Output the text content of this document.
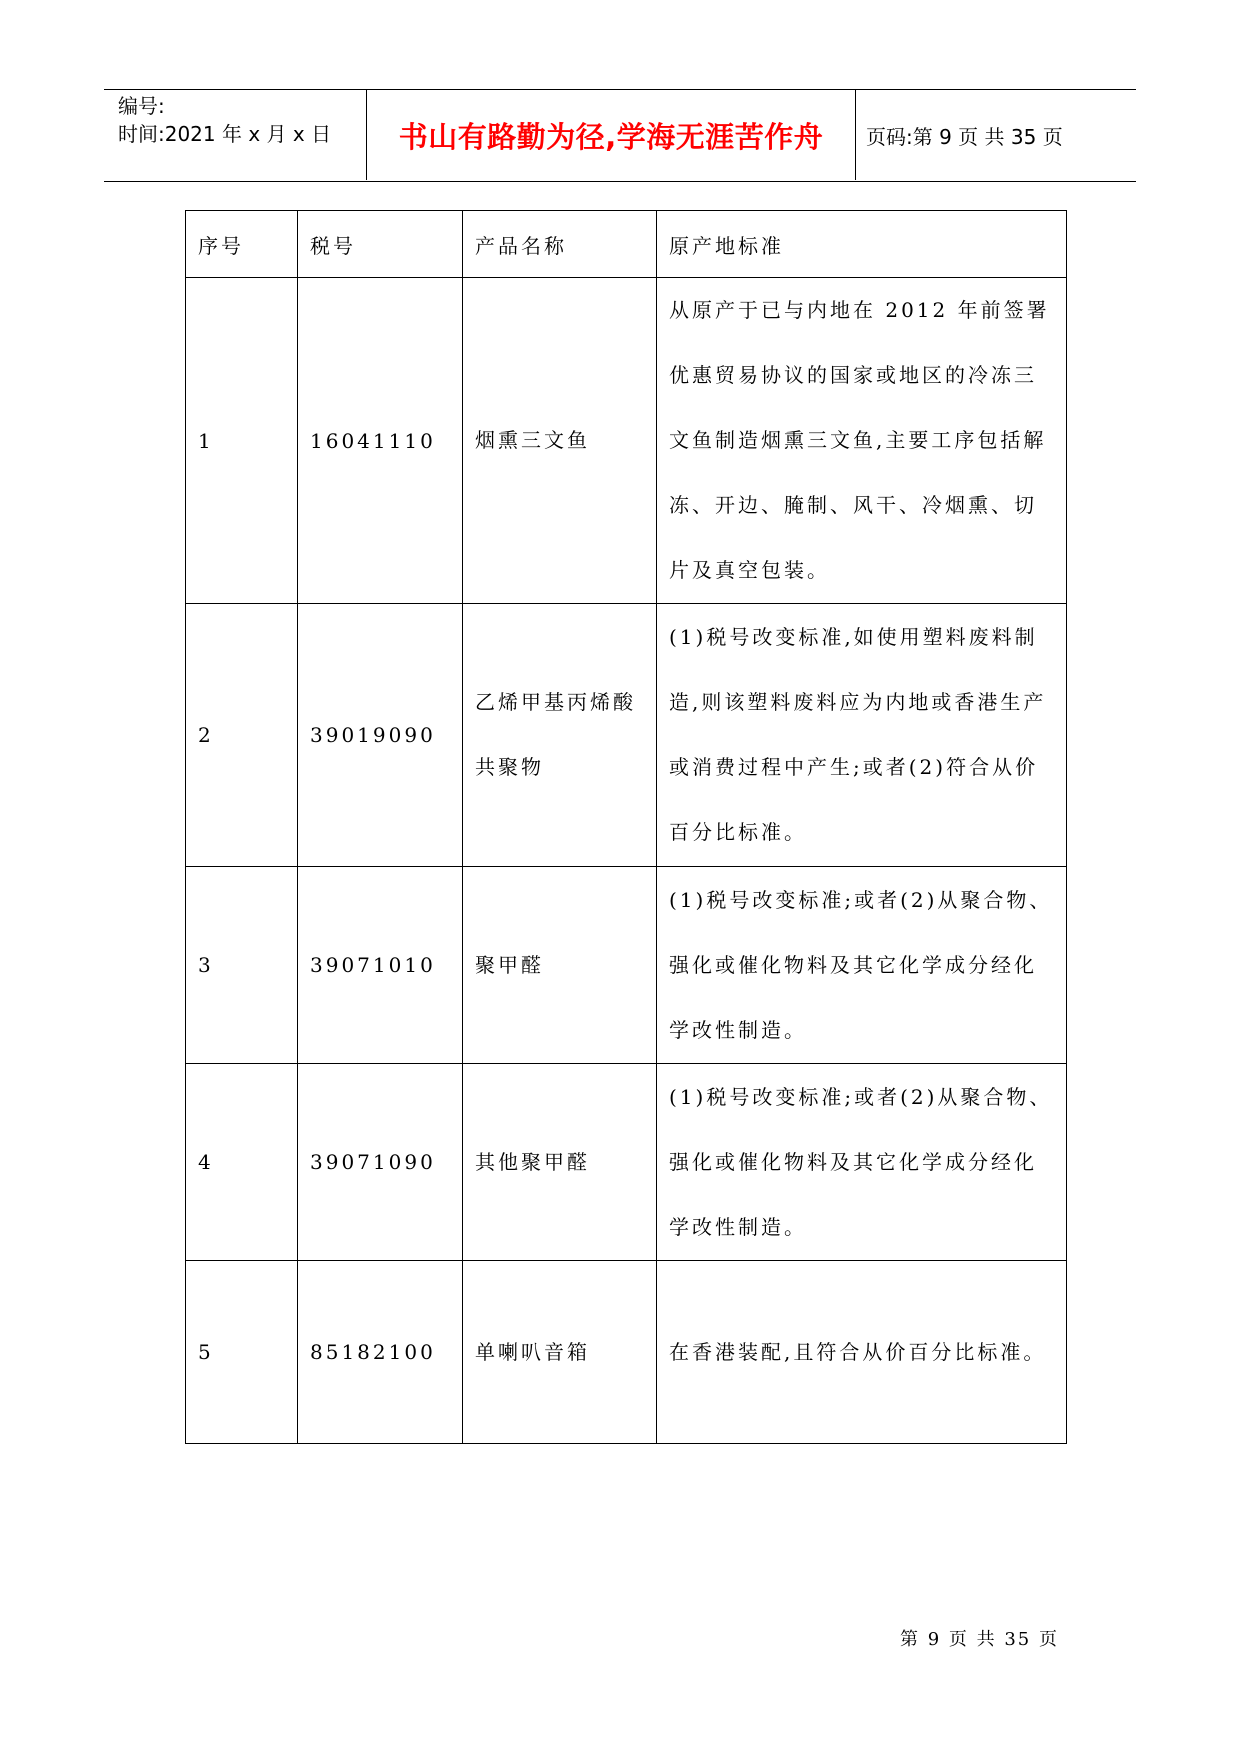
编号:
时间:2021 年 x 月 x 日	书山有路勤为径,学海无涯苦作舟	页码:第 9 页 共 35 页
序号	税号	产品名称	原产地标准
1	16041110	烟熏三文鱼	从原产于已与内地在 2012 年前签署优惠贸易协议的国家或地区的冷冻三文鱼制造烟熏三文鱼,主要工序包括解冻、开边、腌制、风干、冷烟熏、切片及真空包装。
2	39019090	乙烯甲基丙烯酸共聚物	(1)税号改变标准,如使用塑料废料制造,则该塑料废料应为内地或香港生产或消费过程中产生;或者(2)符合从价百分比标准。
3	39071010	聚甲醛	(1)税号改变标准;或者(2)从聚合物、强化或催化物料及其它化学成分经化学改性制造。
4	39071090	其他聚甲醛	(1)税号改变标准;或者(2)从聚合物、强化或催化物料及其它化学成分经化学改性制造。
5	85182100	单喇叭音箱	在香港装配,且符合从价百分比标准。
第 9 页 共 35 页
